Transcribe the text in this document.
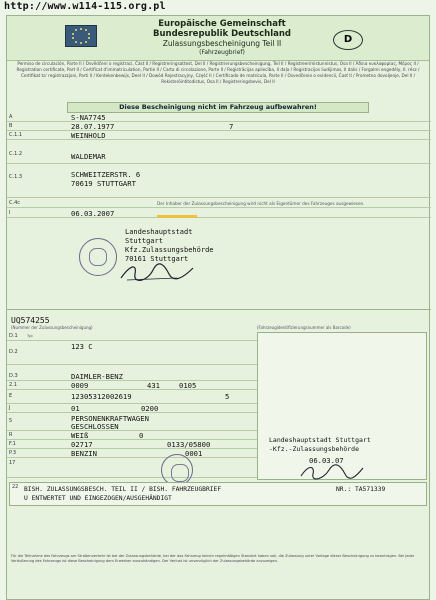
http://www.w114-115.org.pl
Europäische Gemeinschaft
Bundesrepublik Deutschland
Zulassungsbescheinigung Teil II
(Fahrzeugbrief)
D
Permiso de circulación, Parte II / Osvědčení o registraci, Část II / Registreringsattest, Del II / Registrierungsbescheinigung, Teil II / Registreerimistunnistus, Osa II / Άδεια κυκλοφορίας, Μέρος II / Registration certificate, Part II / Certificat d'immatriculation, Partie II / Carta di circolazione, Parte II / Reģistrācijas apliecība, II daļa / Registracijos liudijimas, II dalis / Forgalmi engedély, II. rész / Certifikat ta' registrazzjoni, Parti II / Kentekenbewijs, Deel II / Dowód Rejestracyjny, Część II / Certificado de matrícula, Parte II / Osvedčenie o evidencii, Časť II / Prometno dovoljenje, Del II / Rekisteröintitodistus, Osa II / Registreringsbevis, Del II
Diese Bescheinigung nicht im Fahrzeug aufbewahren!
A	S-NA7745
B	28.07.1977	7
C.1.1	WEINHOLD
C.1.2	WALDEMAR
C.1.3	SCHWEITZERSTR. 6
70619 STUTTGART
C.4c	Der Inhaber der Zulassungsbescheinigung wird nicht als Eigentümer des Fahrzeuges ausgewiesen.
I	06.03.2007
Landeshauptstadt
Stuttgart
Kfz.Zulassungsbehörde
70161 Stuttgart
UQ574255
(Nummer der Zulassungsbescheinigung)	(Fahrzeugidentifizierungsnummer als Barcode)
D.1	Typ
D.2
123 C
D.3	DAIMLER-BENZ
2.1	0009	431	0105
E	12305312002619	5
J	01	0200
5	PERSONENKRAFTWAGEN
GESCHLOSSEN
R	WEIß	0
F.1	02717	0133/05800
P.3	BENZIN	0001
17
Landeshauptstadt Stuttgart
-Kfz.-Zulassungsbehörde
06.03.07
22 BISH. ZULASSUNGSBESCH. TEIL II / BISH. FAHRZEUGBRIEF	NR.: TA571339
U ENTWERTET UND EINGEZOGEN/AUSGEHÄNDIGT
Für die Teilnahme des Fahrzeugs am Straßenverkehr ist bei der Zulassungsbehörde, bei der das Fahrzeug keinen regelmäßigen Standort haben soll, die Zulassung unter Vorlage dieser Bescheinigung zu beantragen. Bei jeder Veräußerung des Fahrzeugs ist diese Bescheinigung dem Erwerber auszuhändigen. Der Verlust ist unverzüglich der Zulassungsbehörde anzuzeigen.
